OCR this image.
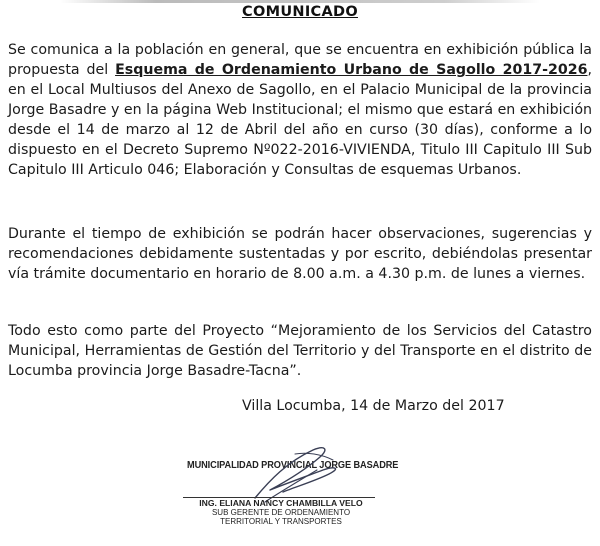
COMUNICADO
Se comunica a la población en general, que se encuentra en exhibición pública la propuesta del Esquema de Ordenamiento Urbano de Sagollo 2017-2026, en el Local Multiusos del Anexo de Sagollo, en el Palacio Municipal de la provincia Jorge Basadre y en la página Web Institucional; el mismo que estará en exhibición desde el 14 de marzo al 12 de Abril del año en curso (30 días), conforme a lo dispuesto en el Decreto Supremo Nº022-2016-VIVIENDA, Titulo III Capitulo III Sub Capitulo III Articulo 046; Elaboración y Consultas de esquemas Urbanos.
Durante el tiempo de exhibición se podrán hacer observaciones, sugerencias y recomendaciones debidamente sustentadas y por escrito, debiéndolas presentar vía trámite documentario en horario de 8.00 a.m. a 4.30 p.m. de lunes a viernes.
Todo esto como parte del Proyecto “Mejoramiento de los Servicios del Catastro Municipal, Herramientas de Gestión del Territorio y del Transporte en el distrito de Locumba provincia Jorge Basadre-Tacna”.
Villa Locumba, 14 de Marzo del 2017
MUNICIPALIDAD PROVINCIAL JORGE BASADRE
ING. ELIANA NANCY CHAMBILLA VELO
SUB GERENTE DE ORDENAMIENTO
TERRITORIAL Y TRANSPORTES
